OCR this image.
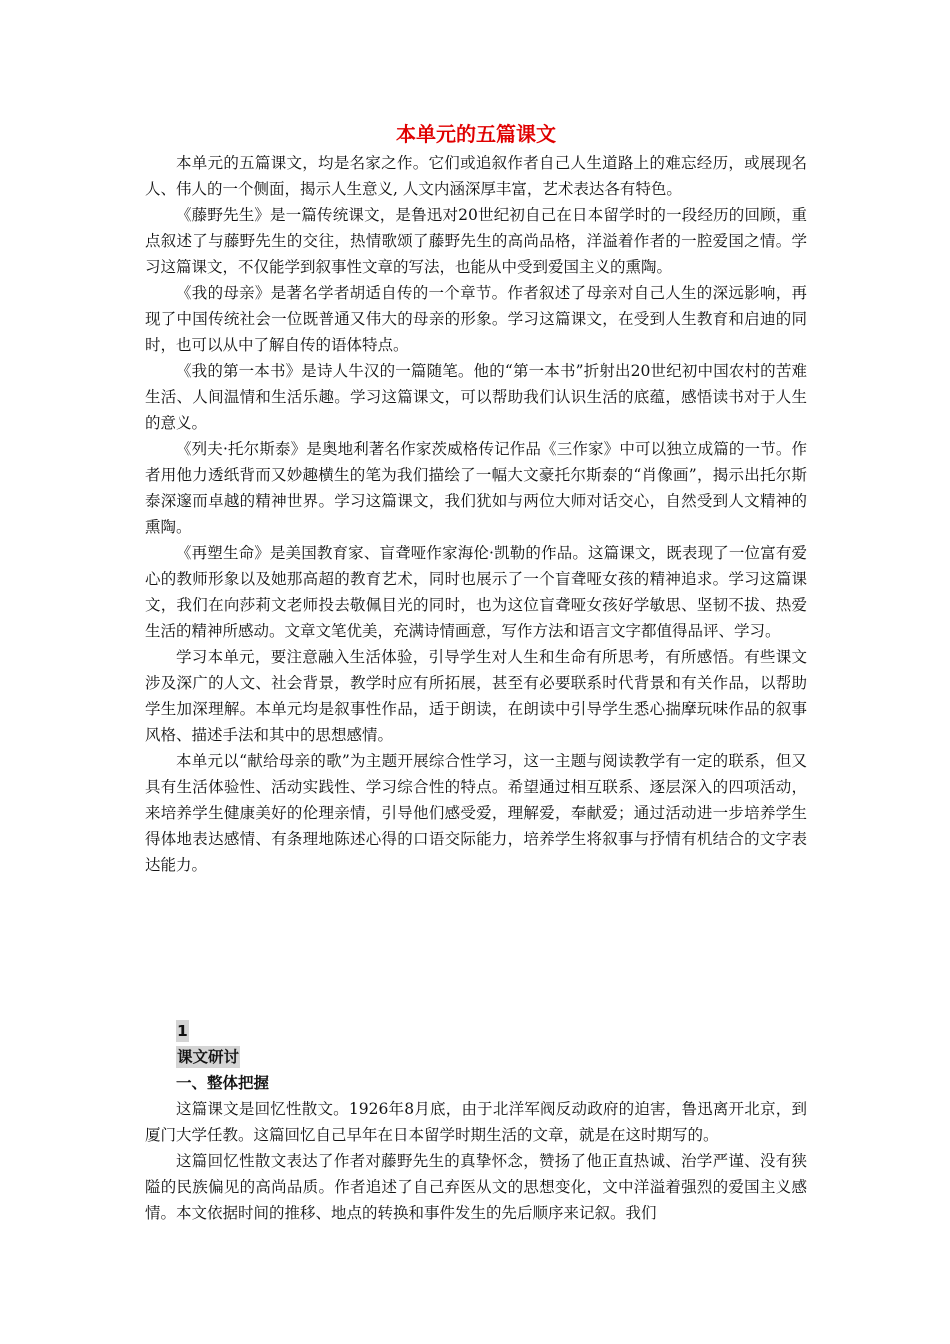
本单元的五篇课文

本单元的五篇课文，均是名家之作。它们或追叙作者自己人生道路上的难忘经历，或展现名人、伟人的一个侧面，揭示人生意义, 人文内涵深厚丰富，艺术表达各有特色。

《藤野先生》是一篇传统课文，是鲁迅对20世纪初自己在日本留学时的一段经历的回顾，重点叙述了与藤野先生的交往，热情歌颂了藤野先生的高尚品格，洋溢着作者的一腔爱国之情。学习这篇课文，不仅能学到叙事性文章的写法，也能从中受到爱国主义的熏陶。

《我的母亲》是著名学者胡适自传的一个章节。作者叙述了母亲对自己人生的深远影响，再现了中国传统社会一位既普通又伟大的母亲的形象。学习这篇课文，在受到人生教育和启迪的同时，也可以从中了解自传的语体特点。

《我的第一本书》是诗人牛汉的一篇随笔。他的“第一本书”折射出20世纪初中国农村的苦难生活、人间温情和生活乐趣。学习这篇课文，可以帮助我们认识生活的底蕴，感悟读书对于人生的意义。

《列夫·托尔斯泰》是奥地利著名作家茨威格传记作品《三作家》中可以独立成篇的一节。作者用他力透纸背而又妙趣横生的笔为我们描绘了一幅大文豪托尔斯泰的“肖像画”，揭示出托尔斯泰深邃而卓越的精神世界。学习这篇课文，我们犹如与两位大师对话交心，自然受到人文精神的熏陶。

《再塑生命》是美国教育家、盲聋哑作家海伦·凯勒的作品。这篇课文，既表现了一位富有爱心的教师形象以及她那高超的教育艺术，同时也展示了一个盲聋哑女孩的精神追求。学习这篇课文，我们在向莎莉文老师投去敬佩目光的同时，也为这位盲聋哑女孩好学敏思、坚韧不拔、热爱生活的精神所感动。文章文笔优美，充满诗情画意，写作方法和语言文字都值得品评、学习。

学习本单元，要注意融入生活体验，引导学生对人生和生命有所思考，有所感悟。有些课文涉及深广的人文、社会背景，教学时应有所拓展，甚至有必要联系时代背景和有关作品，以帮助学生加深理解。本单元均是叙事性作品，适于朗读，在朗读中引导学生悉心揣摩玩味作品的叙事风格、描述手法和其中的思想感情。

本单元以“献给母亲的歌”为主题开展综合性学习，这一主题与阅读教学有一定的联系，但又具有生活体验性、活动实践性、学习综合性的特点。希望通过相互联系、逐层深入的四项活动，来培养学生健康美好的伦理亲情，引导他们感受爱，理解爱，奉献爱；通过活动进一步培养学生得体地表达感情、有条理地陈述心得的口语交际能力，培养学生将叙事与抒情有机结合的文字表达能力。

1
课文研讨

一、整体把握

这篇课文是回忆性散文。1926年8月底，由于北洋军阀反动政府的迫害，鲁迅离开北京，到厦门大学任教。这篇回忆自己早年在日本留学时期生活的文章，就是在这时期写的。

这篇回忆性散文表达了作者对藤野先生的真挚怀念，赞扬了他正直热诚、治学严谨、没有狭隘的民族偏见的高尚品质。作者追述了自己弃医从文的思想变化，文中洋溢着强烈的爱国主义感情。本文依据时间的推移、地点的转换和事件发生的先后顺序来记叙。我们
